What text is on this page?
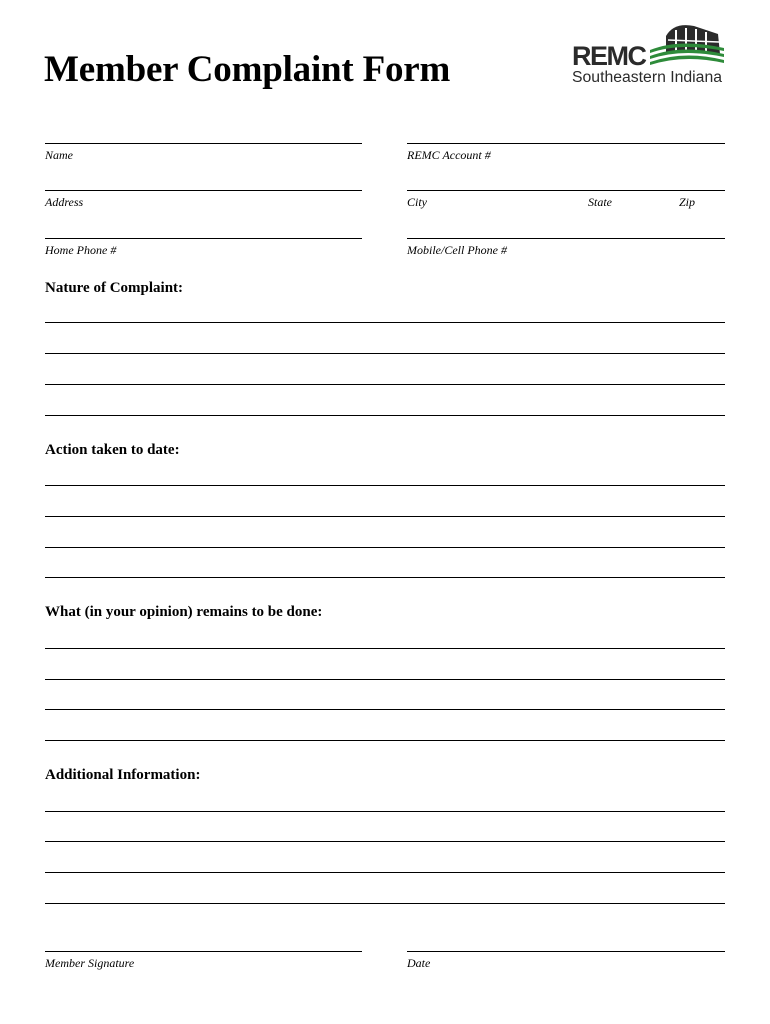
Member Complaint Form	REMC
Southeastern Indiana
Name	REMC Account #
Address	City	State	Zip
Home Phone #	Mobile/Cell Phone #
Nature of Complaint:
Action taken to date:
What (in your opinion) remains to be done:
Additional Information:
Member Signature	Date
